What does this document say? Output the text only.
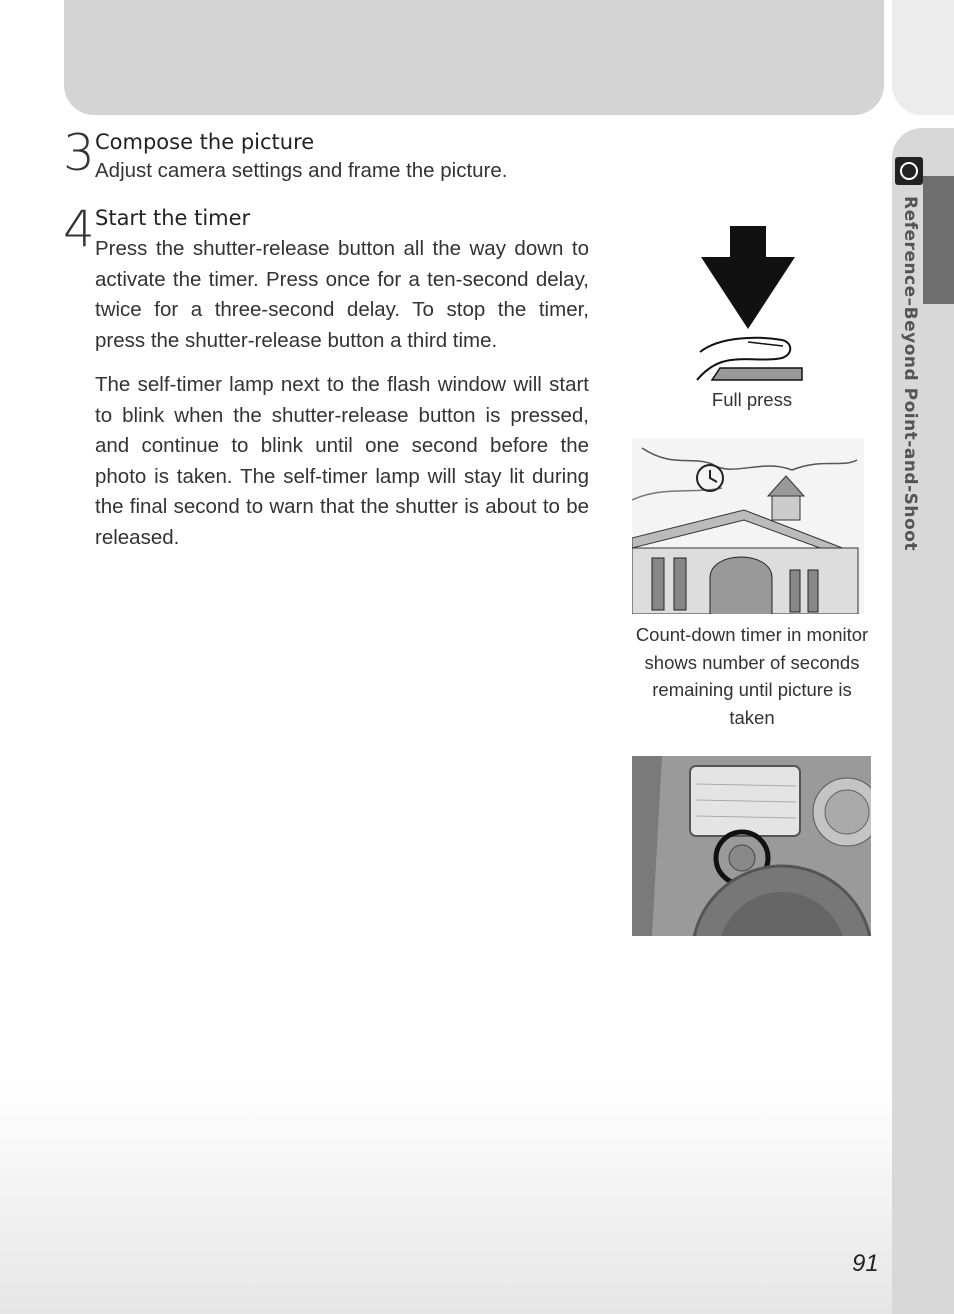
Reference–Beyond Point-and-Shoot
3 Compose the picture
Adjust camera settings and frame the picture.
4 Start the timer
Press the shutter-release button all the way down to activate the timer. Press once for a ten-second delay, twice for a three-second delay. To stop the timer, press the shutter-release button a third time.
The self-timer lamp next to the flash window will start to blink when the shutter-release button is pressed, and continue to blink until one second before the photo is taken. The self-timer lamp will stay lit during the final second to warn that the shutter is about to be released.
Full press
Count-down timer in monitor shows number of seconds remaining until picture is taken
91
